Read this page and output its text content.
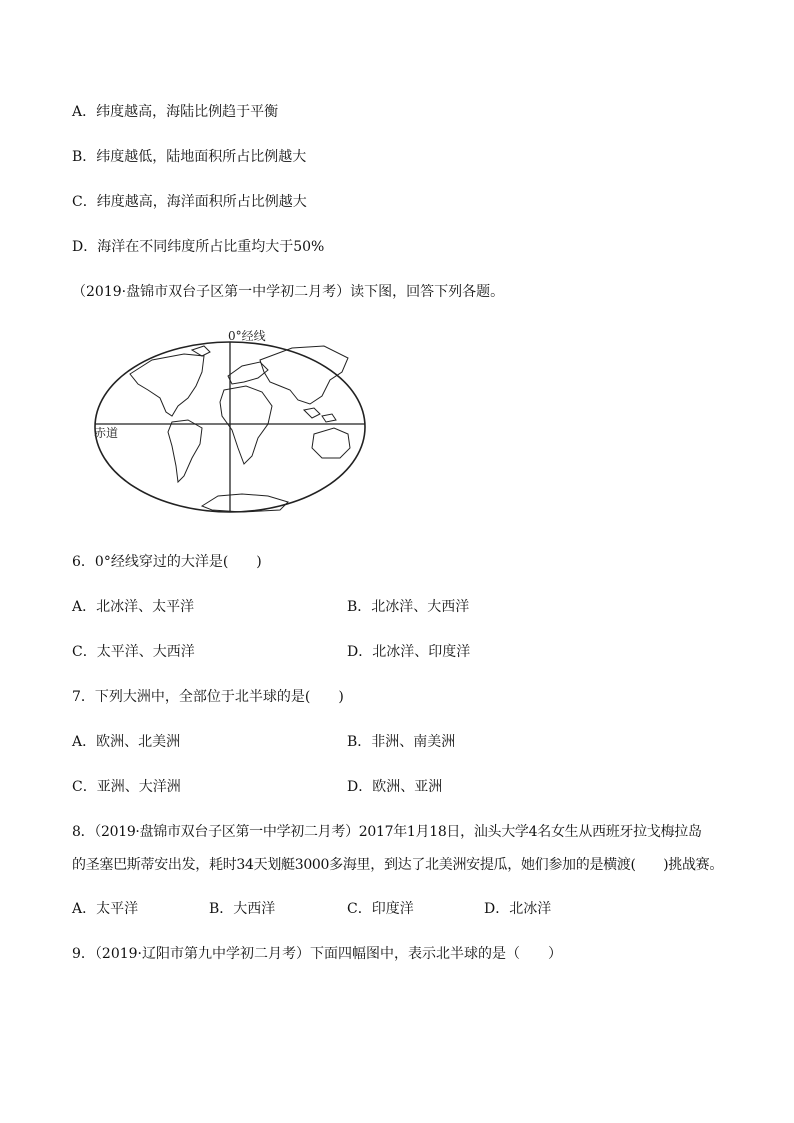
A．纬度越高，海陆比例趋于平衡
B．纬度越低，陆地面积所占比例越大
C．纬度越高，海洋面积所占比例越大
D．海洋在不同纬度所占比重均大于50%
（2019·盘锦市双台子区第一中学初二月考）读下图，回答下列各题。
0°经线
赤道
6．0°经线穿过的大洋是(　　)
A．北冰洋、太平洋	B．北冰洋、大西洋
C．太平洋、大西洋	D．北冰洋、印度洋
7．下列大洲中，全部位于北半球的是(　　)
A．欧洲、北美洲	B．非洲、南美洲
C．亚洲、大洋洲	D．欧洲、亚洲
8．（2019·盘锦市双台子区第一中学初二月考）2017年1月18日，汕头大学4名女生从西班牙拉戈梅拉岛
的圣塞巴斯蒂安出发，耗时34天划艇3000多海里，到达了北美洲安提瓜，她们参加的是横渡(　　)挑战赛。
A．太平洋	B．大西洋	C．印度洋	D．北冰洋
9．（2019·辽阳市第九中学初二月考）下面四幅图中，表示北半球的是（　　）
